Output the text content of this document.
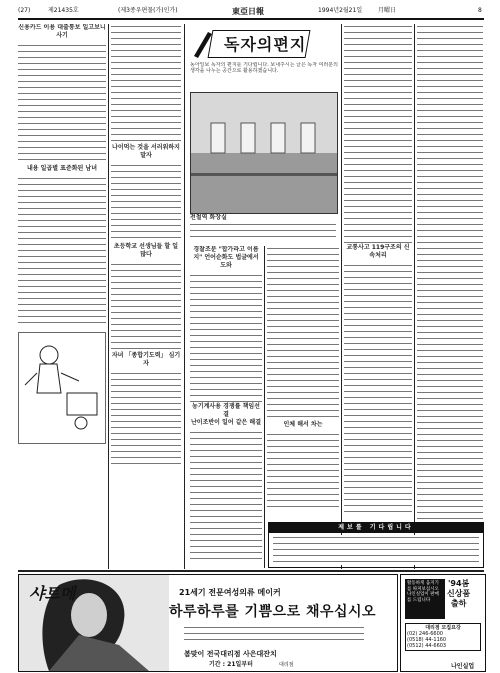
(27)	제21435호	(제3종우편물(가)인가)	東亞日報	1994년2월21일	月曜日	8
신용카드 이용 대출통보 일고보니 사기
내용 일곱별 표준화된 남녀
나이먹는 것을 서러워하지 말자
초등학교 선생님들 할 일 많다
자녀 「종합기도력」 심기자
독자의편지
동아일보 독자의 편지를 기다립니다. 보내주시는 글은 독자 여러분의 생각을 나누는 공간으로 활용하겠습니다.
전철역 화장실
경찰조문 "합가라고 이름지" 언어순화도 법글에서 도와
농기계사용 경쟁률 책임선결
난이조반이 일어 같은 해결	인체 해서 차는
교통사고 119구조의 신속처리
제보를 기다립니다
샤트메	21세기 전문여성의류 메이커
하루하루를 기쁨으로 채우십시오
봄맞이 전국대리점 사은대잔치
기간 : 21일부터	대리점
'94봄
신상품
출하
활동하게 움지기를 따져보십시오 나인실업이 판매를 드립니다
대리점 모집요강
(02) 246-6600
(0518) 44-1160
(0512) 44-6603
나인실업
